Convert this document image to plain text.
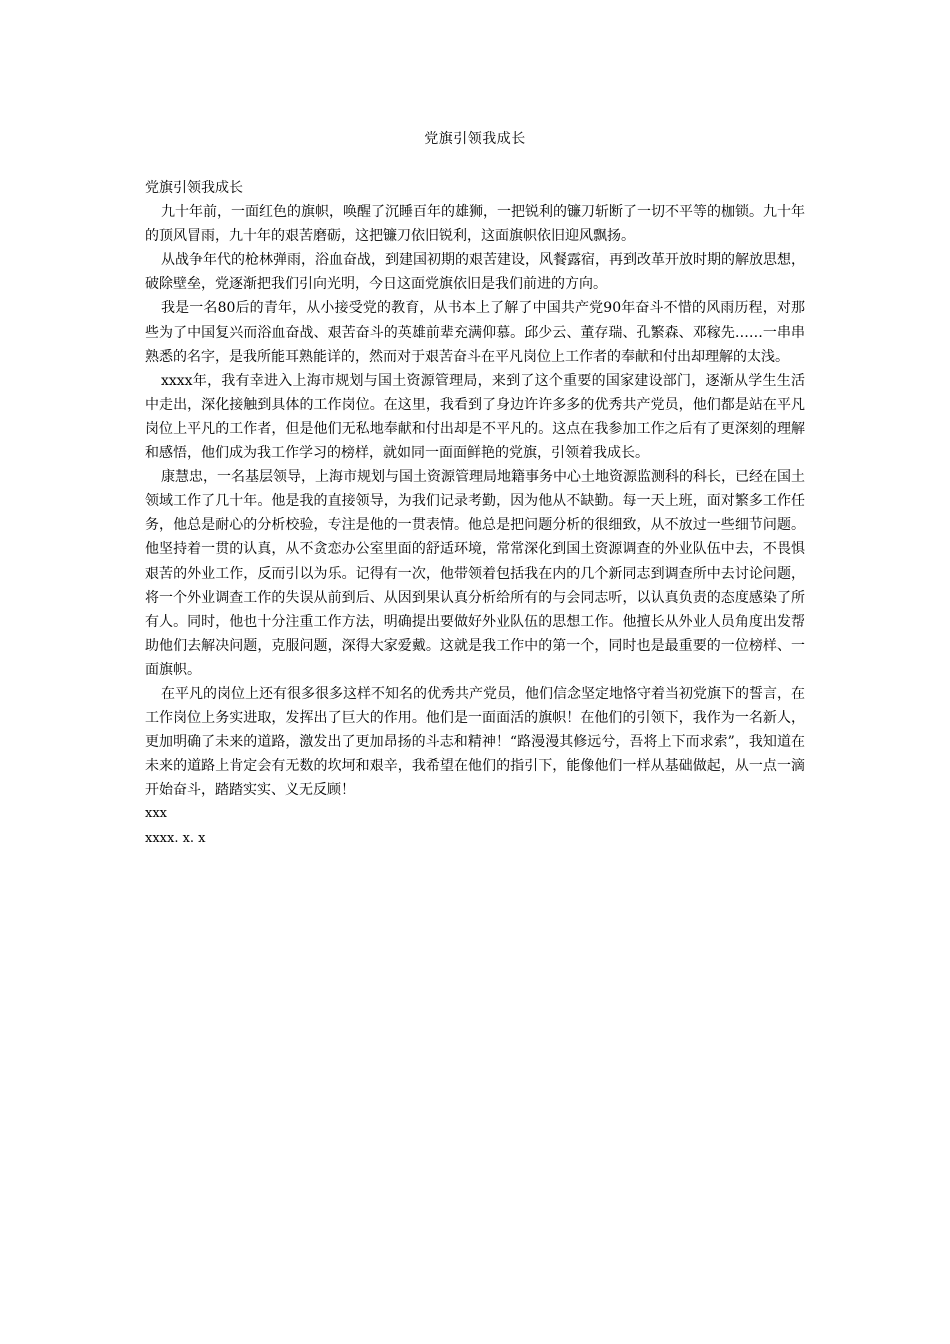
党旗引领我成长

党旗引领我成长

九十年前，一面红色的旗帜，唤醒了沉睡百年的雄狮，一把锐利的镰刀斩断了一切不平等的枷锁。九十年的顶风冒雨，九十年的艰苦磨砺，这把镰刀依旧锐利，这面旗帜依旧迎风飘扬。

从战争年代的枪林弹雨，浴血奋战，到建国初期的艰苦建设，风餐露宿，再到改革开放时期的解放思想，破除壁垒，党逐渐把我们引向光明，今日这面党旗依旧是我们前进的方向。

我是一名80后的青年，从小接受党的教育，从书本上了解了中国共产党90年奋斗不惜的风雨历程，对那些为了中国复兴而浴血奋战、艰苦奋斗的英雄前辈充满仰慕。邱少云、董存瑞、孔繁森、邓稼先……一串串熟悉的名字，是我所能耳熟能详的，然而对于艰苦奋斗在平凡岗位上工作者的奉献和付出却理解的太浅。

xxxx年，我有幸进入上海市规划与国土资源管理局，来到了这个重要的国家建设部门，逐渐从学生生活中走出，深化接触到具体的工作岗位。在这里，我看到了身边许许多多的优秀共产党员，他们都是站在平凡岗位上平凡的工作者，但是他们无私地奉献和付出却是不平凡的。这点在我参加工作之后有了更深刻的理解和感悟，他们成为我工作学习的榜样，就如同一面面鲜艳的党旗，引领着我成长。

康慧忠，一名基层领导，上海市规划与国土资源管理局地籍事务中心土地资源监测科的科长，已经在国土领域工作了几十年。他是我的直接领导，为我们记录考勤，因为他从不缺勤。每一天上班，面对繁多工作任务，他总是耐心的分析校验，专注是他的一贯表情。他总是把问题分析的很细致，从不放过一些细节问题。他坚持着一贯的认真，从不贪恋办公室里面的舒适环境，常常深化到国土资源调查的外业队伍中去，不畏惧艰苦的外业工作，反而引以为乐。记得有一次，他带领着包括我在内的几个新同志到调查所中去讨论问题，将一个外业调查工作的失误从前到后、从因到果认真分析给所有的与会同志听，以认真负责的态度感染了所有人。同时，他也十分注重工作方法，明确提出要做好外业队伍的思想工作。他擅长从外业人员角度出发帮助他们去解决问题，克服问题，深得大家爱戴。这就是我工作中的第一个，同时也是最重要的一位榜样、一面旗帜。

在平凡的岗位上还有很多很多这样不知名的优秀共产党员，他们信念坚定地恪守着当初党旗下的誓言，在工作岗位上务实进取，发挥出了巨大的作用。他们是一面面活的旗帜！在他们的引领下，我作为一名新人，更加明确了未来的道路，激发出了更加昂扬的斗志和精神！“路漫漫其修远兮，吾将上下而求索”，我知道在未来的道路上肯定会有无数的坎坷和艰辛，我希望在他们的指引下，能像他们一样从基础做起，从一点一滴开始奋斗，踏踏实实、义无反顾！

xxx

xxxx. x. x
